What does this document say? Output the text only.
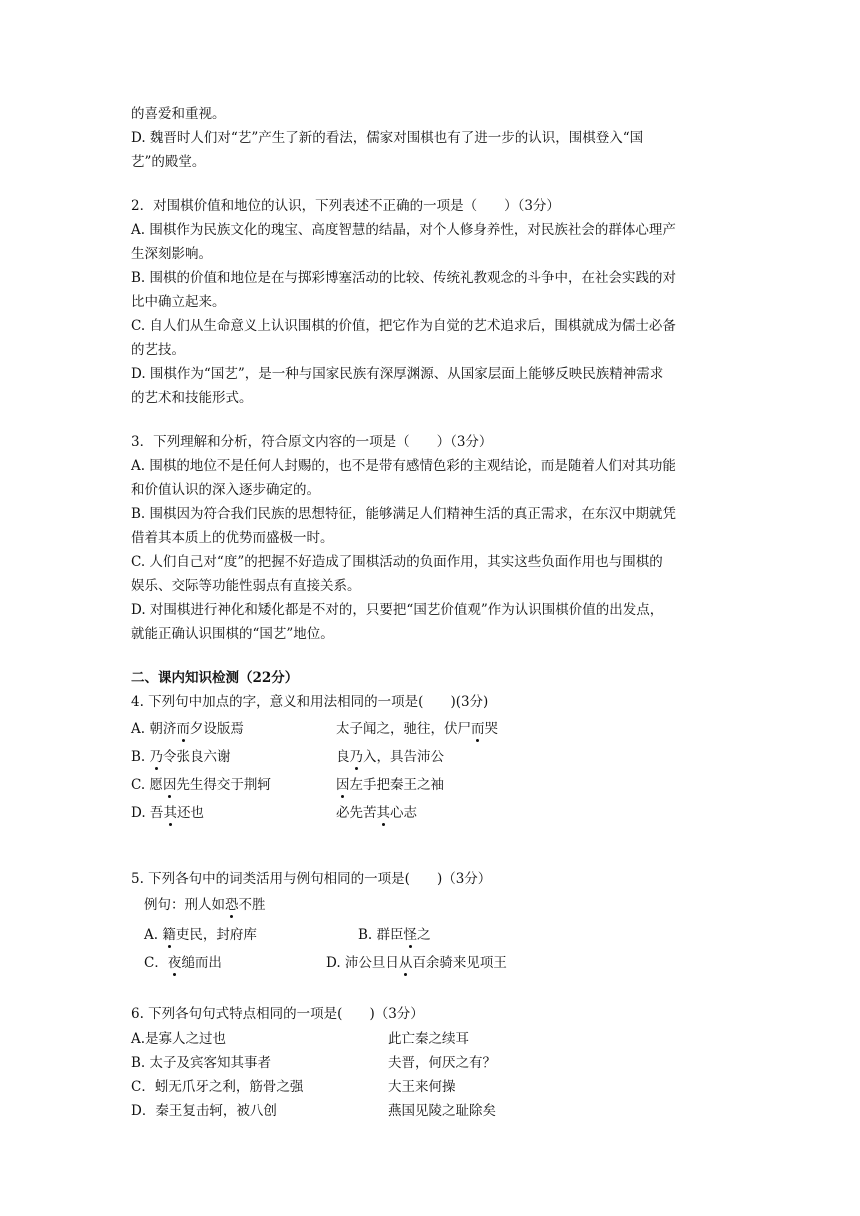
的喜爱和重视。
D. 魏晋时人们对“艺”产生了新的看法，儒家对围棋也有了进一步的认识，围棋登入“国
艺”的殿堂。
2．对围棋价值和地位的认识，下列表述不正确的一项是（　　）（3分）
A. 围棋作为民族文化的瑰宝、高度智慧的结晶，对个人修身养性，对民族社会的群体心理产
生深刻影响。
B. 围棋的价值和地位是在与掷彩博塞活动的比较、传统礼教观念的斗争中，在社会实践的对
比中确立起来。
C. 自人们从生命意义上认识围棋的价值，把它作为自觉的艺术追求后，围棋就成为儒士必备
的艺技。
D. 围棋作为“国艺”，是一种与国家民族有深厚渊源、从国家层面上能够反映民族精神需求
的艺术和技能形式。
3．下列理解和分析，符合原文内容的一项是（　　）（3分）
A. 围棋的地位不是任何人封赐的，也不是带有感情色彩的主观结论，而是随着人们对其功能
和价值认识的深入逐步确定的。
B. 围棋因为符合我们民族的思想特征，能够满足人们精神生活的真正需求，在东汉中期就凭
借着其本质上的优势而盛极一时。
C. 人们自己对“度”的把握不好造成了围棋活动的负面作用，其实这些负面作用也与围棋的
娱乐、交际等功能性弱点有直接关系。
D. 对围棋进行神化和矮化都是不对的，只要把“国艺价值观”作为认识围棋价值的出发点，
就能正确认识围棋的“国艺”地位。
二、课内知识检测（22分）
4. 下列句中加点的字，意义和用法相同的一项是(　　)(3分)
A. 朝济而夕设版焉	太子闻之，驰往，伏尸而哭
B. 乃令张良六谢	良乃入，具告沛公
C. 愿因先生得交于荆轲	因左手把秦王之袖
D. 吾其还也	必先苦其心志
5. 下列各句中的词类活用与例句相同的一项是(　　)（3分）
例句：刑人如恐不胜
A. 籍吏民，封府库	B. 群臣怪之
C．夜缒而出	D. 沛公旦日从百余骑来见项王
6. 下列各句句式特点相同的一项是(　　)（3分）
A.是寡人之过也	此亡秦之续耳
B. 太子及宾客知其事者	夫晋，何厌之有？
C．蚓无爪牙之利，筋骨之强	大王来何操
D．秦王复击轲，被八创	燕国见陵之耻除矣
